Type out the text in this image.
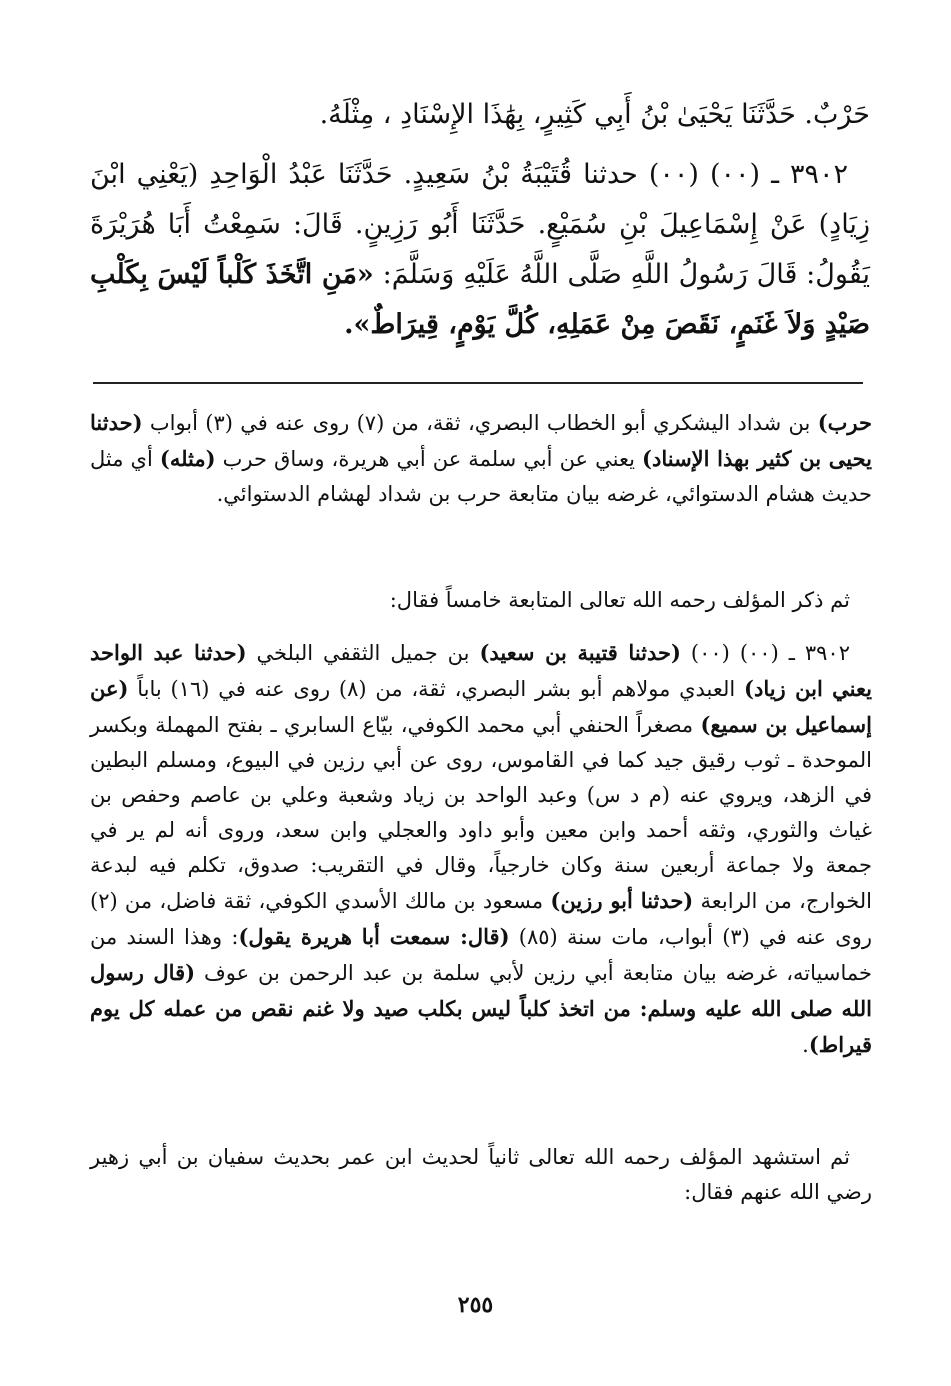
حَرْبٌ. حَدَّثَنَا يَحْيَىٰ بْنُ أَبِي كَثِيرٍ، بِهَٰذَا الإِسْنَادِ ، مِثْلَهُ.

٣٩٠٢ ـ (٠٠) (٠٠) حدثنا قُتَيْبَةُ بْنُ سَعِيدٍ. حَدَّثَنَا عَبْدُ الْوَاحِدِ (يَعْنِي ابْنَ زِيَادٍ) عَنْ إِسْمَاعِيلَ بْنِ سُمَيْعٍ. حَدَّثَنَا أَبُو رَزِينٍ. قَالَ: سَمِعْتُ أَبَا هُرَيْرَةَ يَقُولُ: قَالَ رَسُولُ اللَّهِ صَلَّى اللَّهُ عَلَيْهِ وَسَلَّمَ: «مَنِ اتَّخَذَ كَلْباً لَيْسَ بِكَلْبِ صَيْدٍ وَلاَ غَنَمٍ، نَقَصَ مِنْ عَمَلِهِ، كُلَّ يَوْمٍ، قِيرَاطٌ».

حرب) بن شداد اليشكري أبو الخطاب البصري، ثقة، من (٧) روى عنه في (٣) أبواب (حدثنا يحيى بن كثير بهذا الإسناد) يعني عن أبي سلمة عن أبي هريرة، وساق حرب (مثله) أي مثل حديث هشام الدستوائي، غرضه بيان متابعة حرب بن شداد لهشام الدستوائي.

ثم ذكر المؤلف رحمه الله تعالى المتابعة خامساً فقال:

٣٩٠٢ ـ (٠٠) (٠٠) (حدثنا قتيبة بن سعيد) بن جميل الثقفي البلخي (حدثنا عبد الواحد يعني ابن زياد) العبدي مولاهم أبو بشر البصري، ثقة، من (٨) روى عنه في (١٦) باباً (عن إسماعيل بن سميع) مصغراً الحنفي أبي محمد الكوفي، بيّاع السابري ـ بفتح المهملة وبكسر الموحدة ـ ثوب رقيق جيد كما في القاموس، روى عن أبي رزين في البيوع، ومسلم البطين في الزهد، ويروي عنه (م د س) وعبد الواحد بن زياد وشعبة وعلي بن عاصم وحفص بن غياث والثوري، وثقه أحمد وابن معين وأبو داود والعجلي وابن سعد، وروى أنه لم ير في جمعة ولا جماعة أربعين سنة وكان خارجياً، وقال في التقريب: صدوق، تكلم فيه لبدعة الخوارج، من الرابعة (حدثنا أبو رزين) مسعود بن مالك الأسدي الكوفي، ثقة فاضل، من (٢) روى عنه في (٣) أبواب، مات سنة (٨٥) (قال: سمعت أبا هريرة يقول): وهذا السند من خماسياته، غرضه بيان متابعة أبي رزين لأبي سلمة بن عبد الرحمن بن عوف (قال رسول الله صلى الله عليه وسلم: من اتخذ كلباً ليس بكلب صيد ولا غنم نقص من عمله كل يوم قيراط).

ثم استشهد المؤلف رحمه الله تعالى ثانياً لحديث ابن عمر بحديث سفيان بن أبي زهير رضي الله عنهم فقال:

٢٥٥
